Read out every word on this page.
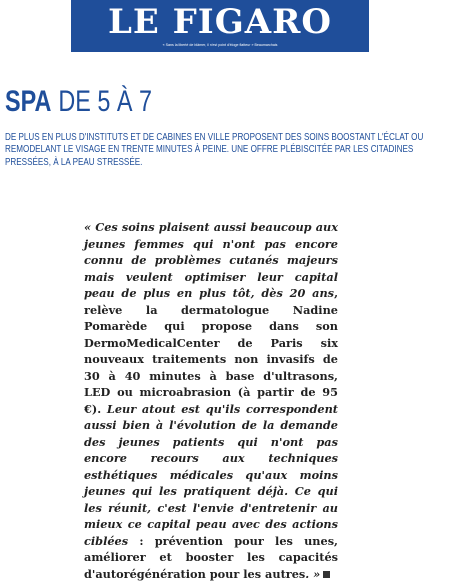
LE FIGARO
« Sans la liberté de blâmer, il n'est point d'éloge flatteur » Beaumarchais
SPA DE 5 À 7
DE PLUS EN PLUS D'INSTITUTS ET DE CABINES EN VILLE PROPOSENT DES SOINS BOOSTANT L'ÉCLAT OU REMODELANT LE VISAGE EN TRENTE MINUTES À PEINE. UNE OFFRE PLÉBISCITÉE PAR LES CITADINES PRESSÉES, À LA PEAU STRESSÉE.
« Ces soins plaisent aussi beaucoup aux jeunes femmes qui n'ont pas encore connu de problèmes cutanés majeurs mais veulent optimiser leur capital peau de plus en plus tôt, dès 20 ans, relève la dermatologue Nadine Pomarède qui propose dans son DermoMedicalCenter de Paris six nouveaux traitements non invasifs de 30 à 40 minutes à base d'ultrasons, LED ou microabrasion (à partir de 95 €). Leur atout est qu'ils correspondent aussi bien à l'évolution de la demande des jeunes patients qui n'ont pas encore recours aux techniques esthétiques médicales qu'aux moins jeunes qui les pratiquent déjà. Ce qui les réunit, c'est l'envie d'entretenir au mieux ce capital peau avec des actions ciblées : prévention pour les unes, améliorer et booster les capacités d'autorégénération pour les autres. »
